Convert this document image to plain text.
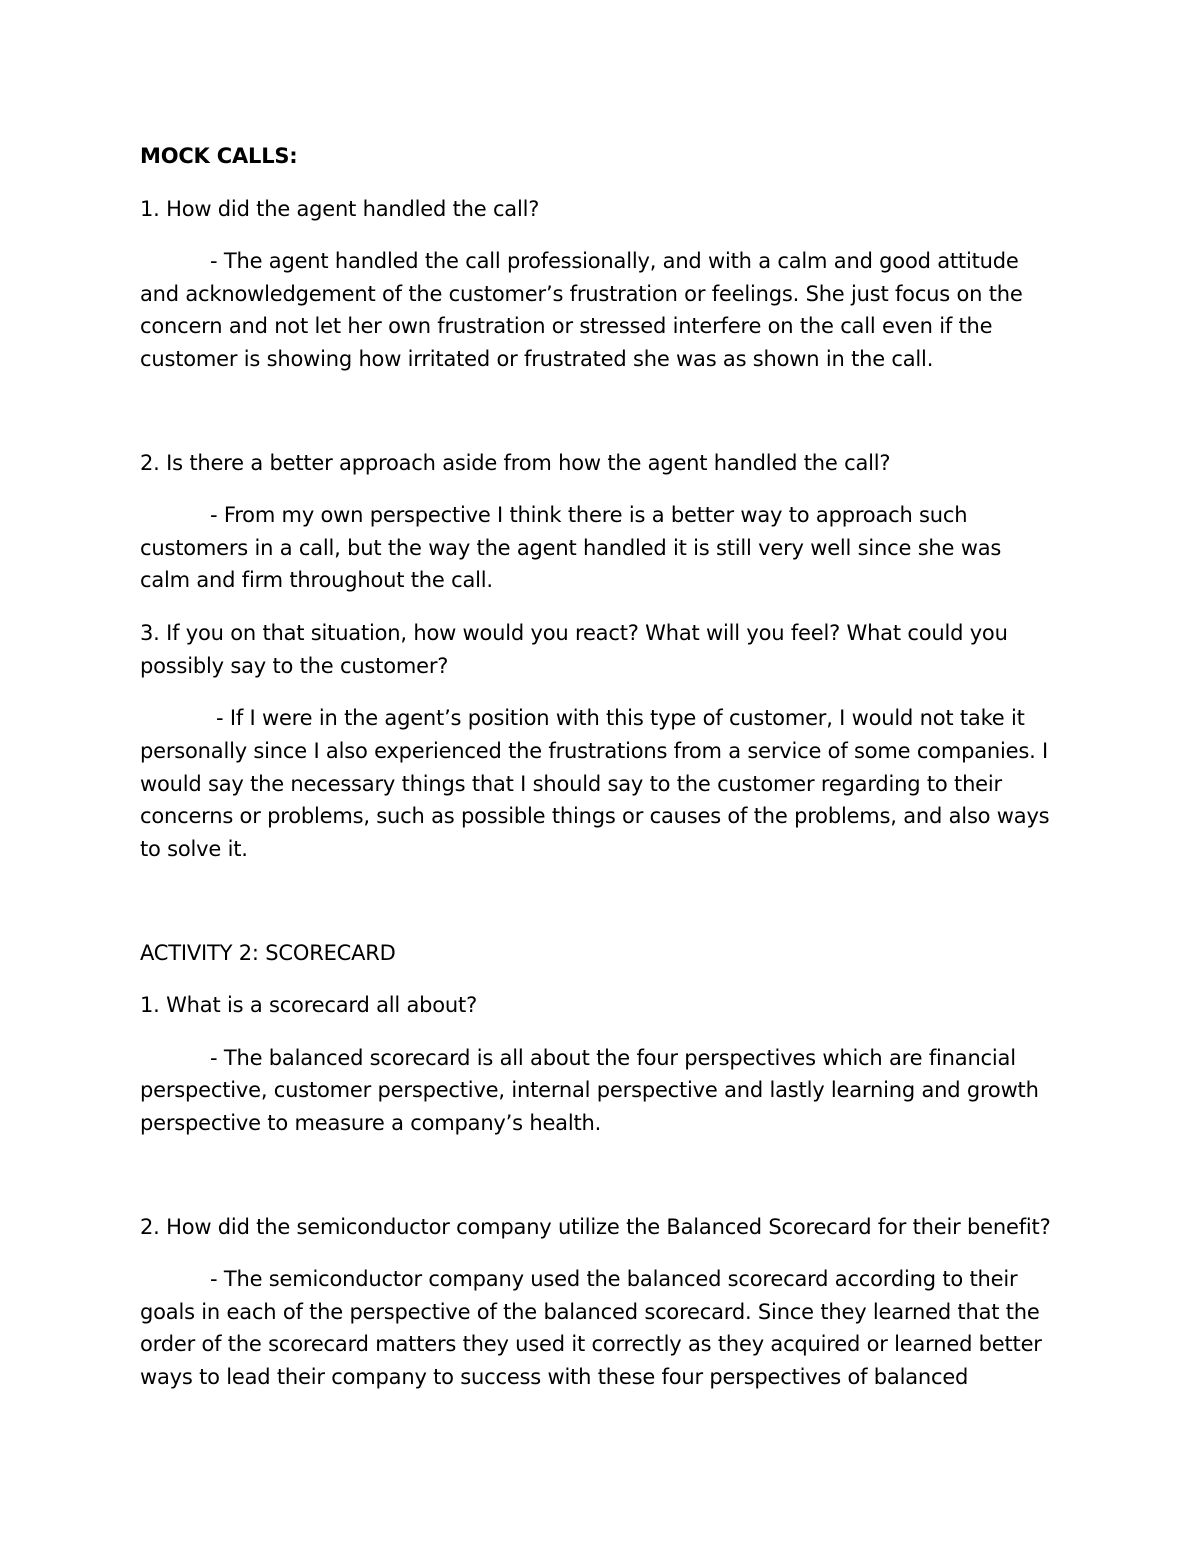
MOCK CALLS:
1. How did the agent handled the call?
- The agent handled the call professionally, and with a calm and good attitude
and acknowledgement of the customer’s frustration or feelings. She just focus on the
concern and not let her own frustration or stressed interfere on the call even if the
customer is showing how irritated or frustrated she was as shown in the call.
2. Is there a better approach aside from how the agent handled the call?
- From my own perspective I think there is a better way to approach such
customers in a call, but the way the agent handled it is still very well since she was
calm and firm throughout the call.
3. If you on that situation, how would you react? What will you feel? What could you
possibly say to the customer?
- If I were in the agent’s position with this type of customer, I would not take it
personally since I also experienced the frustrations from a service of some companies. I
would say the necessary things that I should say to the customer regarding to their
concerns or problems, such as possible things or causes of the problems, and also ways
to solve it.
ACTIVITY 2: SCORECARD
1. What is a scorecard all about?
- The balanced scorecard is all about the four perspectives which are financial
perspective, customer perspective, internal perspective and lastly learning and growth
perspective to measure a company’s health.
2. How did the semiconductor company utilize the Balanced Scorecard for their benefit?
- The semiconductor company used the balanced scorecard according to their
goals in each of the perspective of the balanced scorecard. Since they learned that the
order of the scorecard matters they used it correctly as they acquired or learned better
ways to lead their company to success with these four perspectives of balanced
